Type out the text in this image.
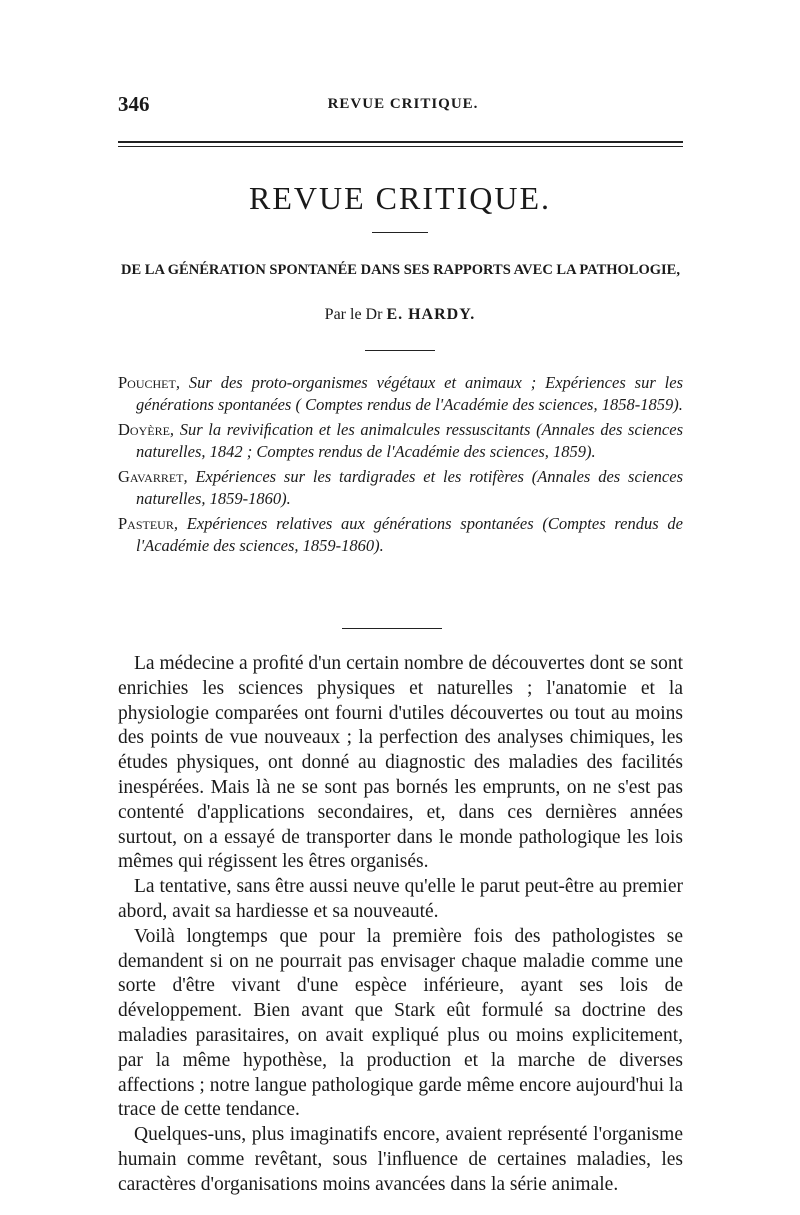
346	REVUE CRITIQUE.
REVUE CRITIQUE.
DE LA GÉNÉRATION SPONTANÉE DANS SES RAPPORTS AVEC LA PATHOLOGIE,
Par le Dr E. HARDY.

Pouchet, Sur des proto-organismes végétaux et animaux ; Expériences sur les générations spontanées ( Comptes rendus de l'Académie des sciences, 1858-1859).

Doyère, Sur la reviviﬁcation et les animalcules ressuscitants (Annales des sciences naturelles, 1842 ; Comptes rendus de l'Académie des sciences, 1859).

Gavarret, Expériences sur les tardigrades et les rotifères (Annales des sciences naturelles, 1859-1860).

Pasteur, Expériences relatives aux générations spontanées (Comptes rendus de l'Académie des sciences, 1859-1860).

La médecine a proﬁté d'un certain nombre de découvertes dont se sont enrichies les sciences physiques et naturelles ; l'anatomie et la physiologie comparées ont fourni d'utiles découvertes ou tout au moins des points de vue nouveaux ; la perfection des analyses chimiques, les études physiques, ont donné au diagnostic des maladies des facilités inespérées. Mais là ne se sont pas bornés les emprunts, on ne s'est pas contenté d'applications secondaires, et, dans ces dernières années surtout, on a essayé de transporter dans le monde pathologique les lois mêmes qui régissent les êtres organisés.

La tentative, sans être aussi neuve qu'elle le parut peut-être au premier abord, avait sa hardiesse et sa nouveauté.

Voilà longtemps que pour la première fois des pathologistes se demandent si on ne pourrait pas envisager chaque maladie comme une sorte d'être vivant d'une espèce inférieure, ayant ses lois de développement. Bien avant que Stark eût formulé sa doctrine des maladies parasitaires, on avait expliqué plus ou moins explicitement, par la même hypothèse, la production et la marche de diverses affections ; notre langue pathologique garde même encore aujourd'hui la trace de cette tendance.

Quelques-uns, plus imaginatifs encore, avaient représenté l'organisme humain comme revêtant, sous l'inﬂuence de certaines maladies, les caractères d'organisations moins avancées dans la série animale.
